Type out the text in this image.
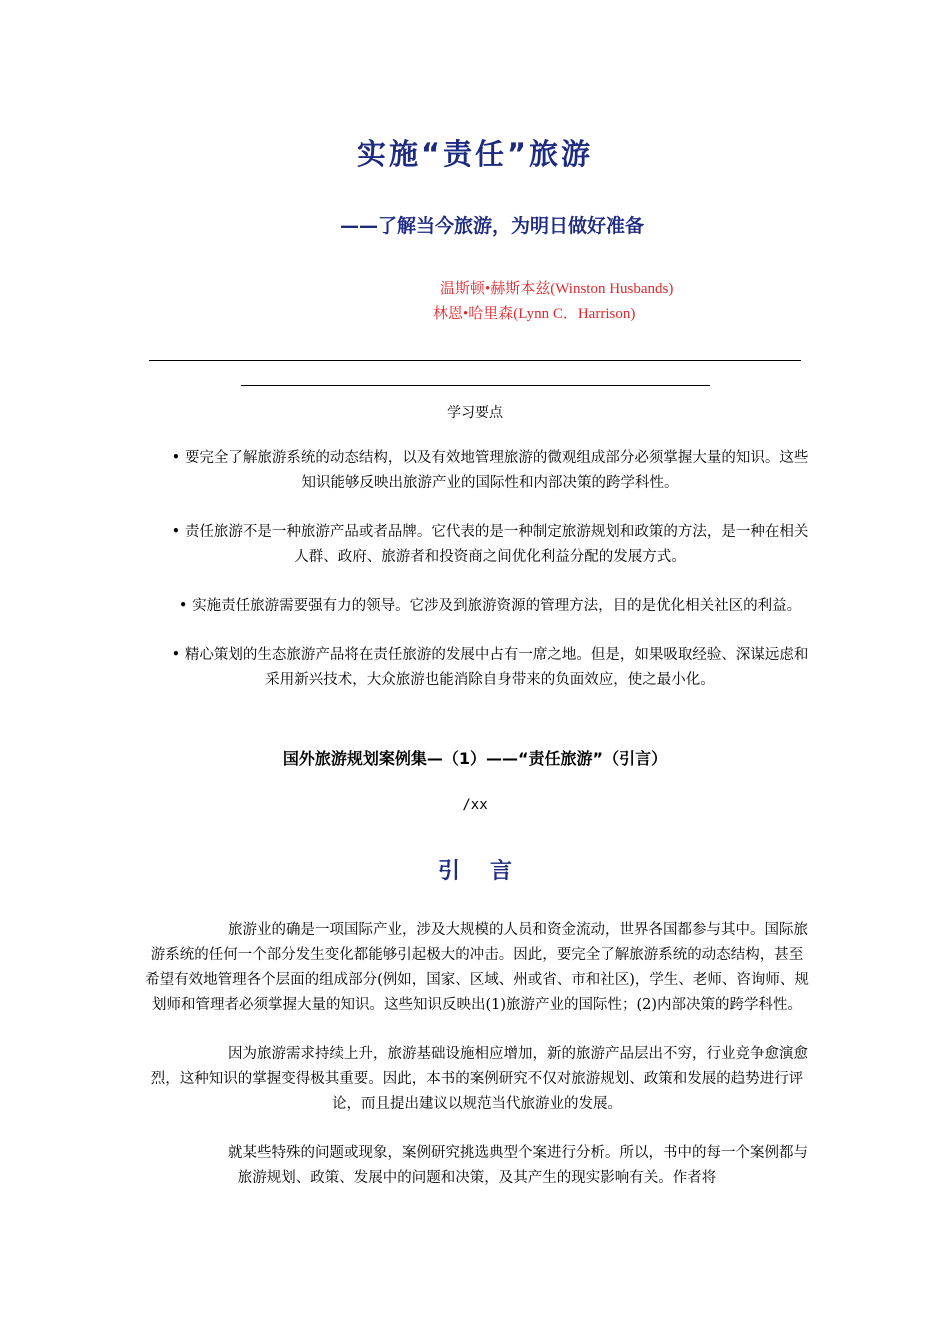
实施“责任”旅游
——了解当今旅游，为明日做好准备
温斯顿•赫斯本兹(Winston Husbands)
林恩•哈里森(Lynn C．Harrison)
学习要点
• 要完全了解旅游系统的动态结构，以及有效地管理旅游的微观组成部分必须掌握大量的知识。这些知识能够反映出旅游产业的国际性和内部决策的跨学科性。
• 责任旅游不是一种旅游产品或者品牌。它代表的是一种制定旅游规划和政策的方法，是一种在相关人群、政府、旅游者和投资商之间优化利益分配的发展方式。
• 实施责任旅游需要强有力的领导。它涉及到旅游资源的管理方法，目的是优化相关社区的利益。
• 精心策划的生态旅游产品将在责任旅游的发展中占有一席之地。但是，如果吸取经验、深谋远虑和采用新兴技术，大众旅游也能消除自身带来的负面效应，使之最小化。
国外旅游规划案例集—（1）——“责任旅游”（引言）
/xx
引言

旅游业的确是一项国际产业，涉及大规模的人员和资金流动，世界各国都参与其中。国际旅游系统的任何一个部分发生变化都能够引起极大的冲击。因此，要完全了解旅游系统的动态结构，甚至希望有效地管理各个层面的组成部分(例如，国家、区域、州或省、市和社区)，学生、老师、咨询师、规划师和管理者必须掌握大量的知识。这些知识反映出(1)旅游产业的国际性；(2)内部决策的跨学科性。

因为旅游需求持续上升，旅游基础设施相应增加，新的旅游产品层出不穷，行业竞争愈演愈烈，这种知识的掌握变得极其重要。因此，本书的案例研究不仅对旅游规划、政策和发展的趋势进行评论，而且提出建议以规范当代旅游业的发展。

就某些特殊的问题或现象，案例研究挑选典型个案进行分析。所以，书中的每一个案例都与旅游规划、政策、发展中的问题和决策，及其产生的现实影响有关。作者将
